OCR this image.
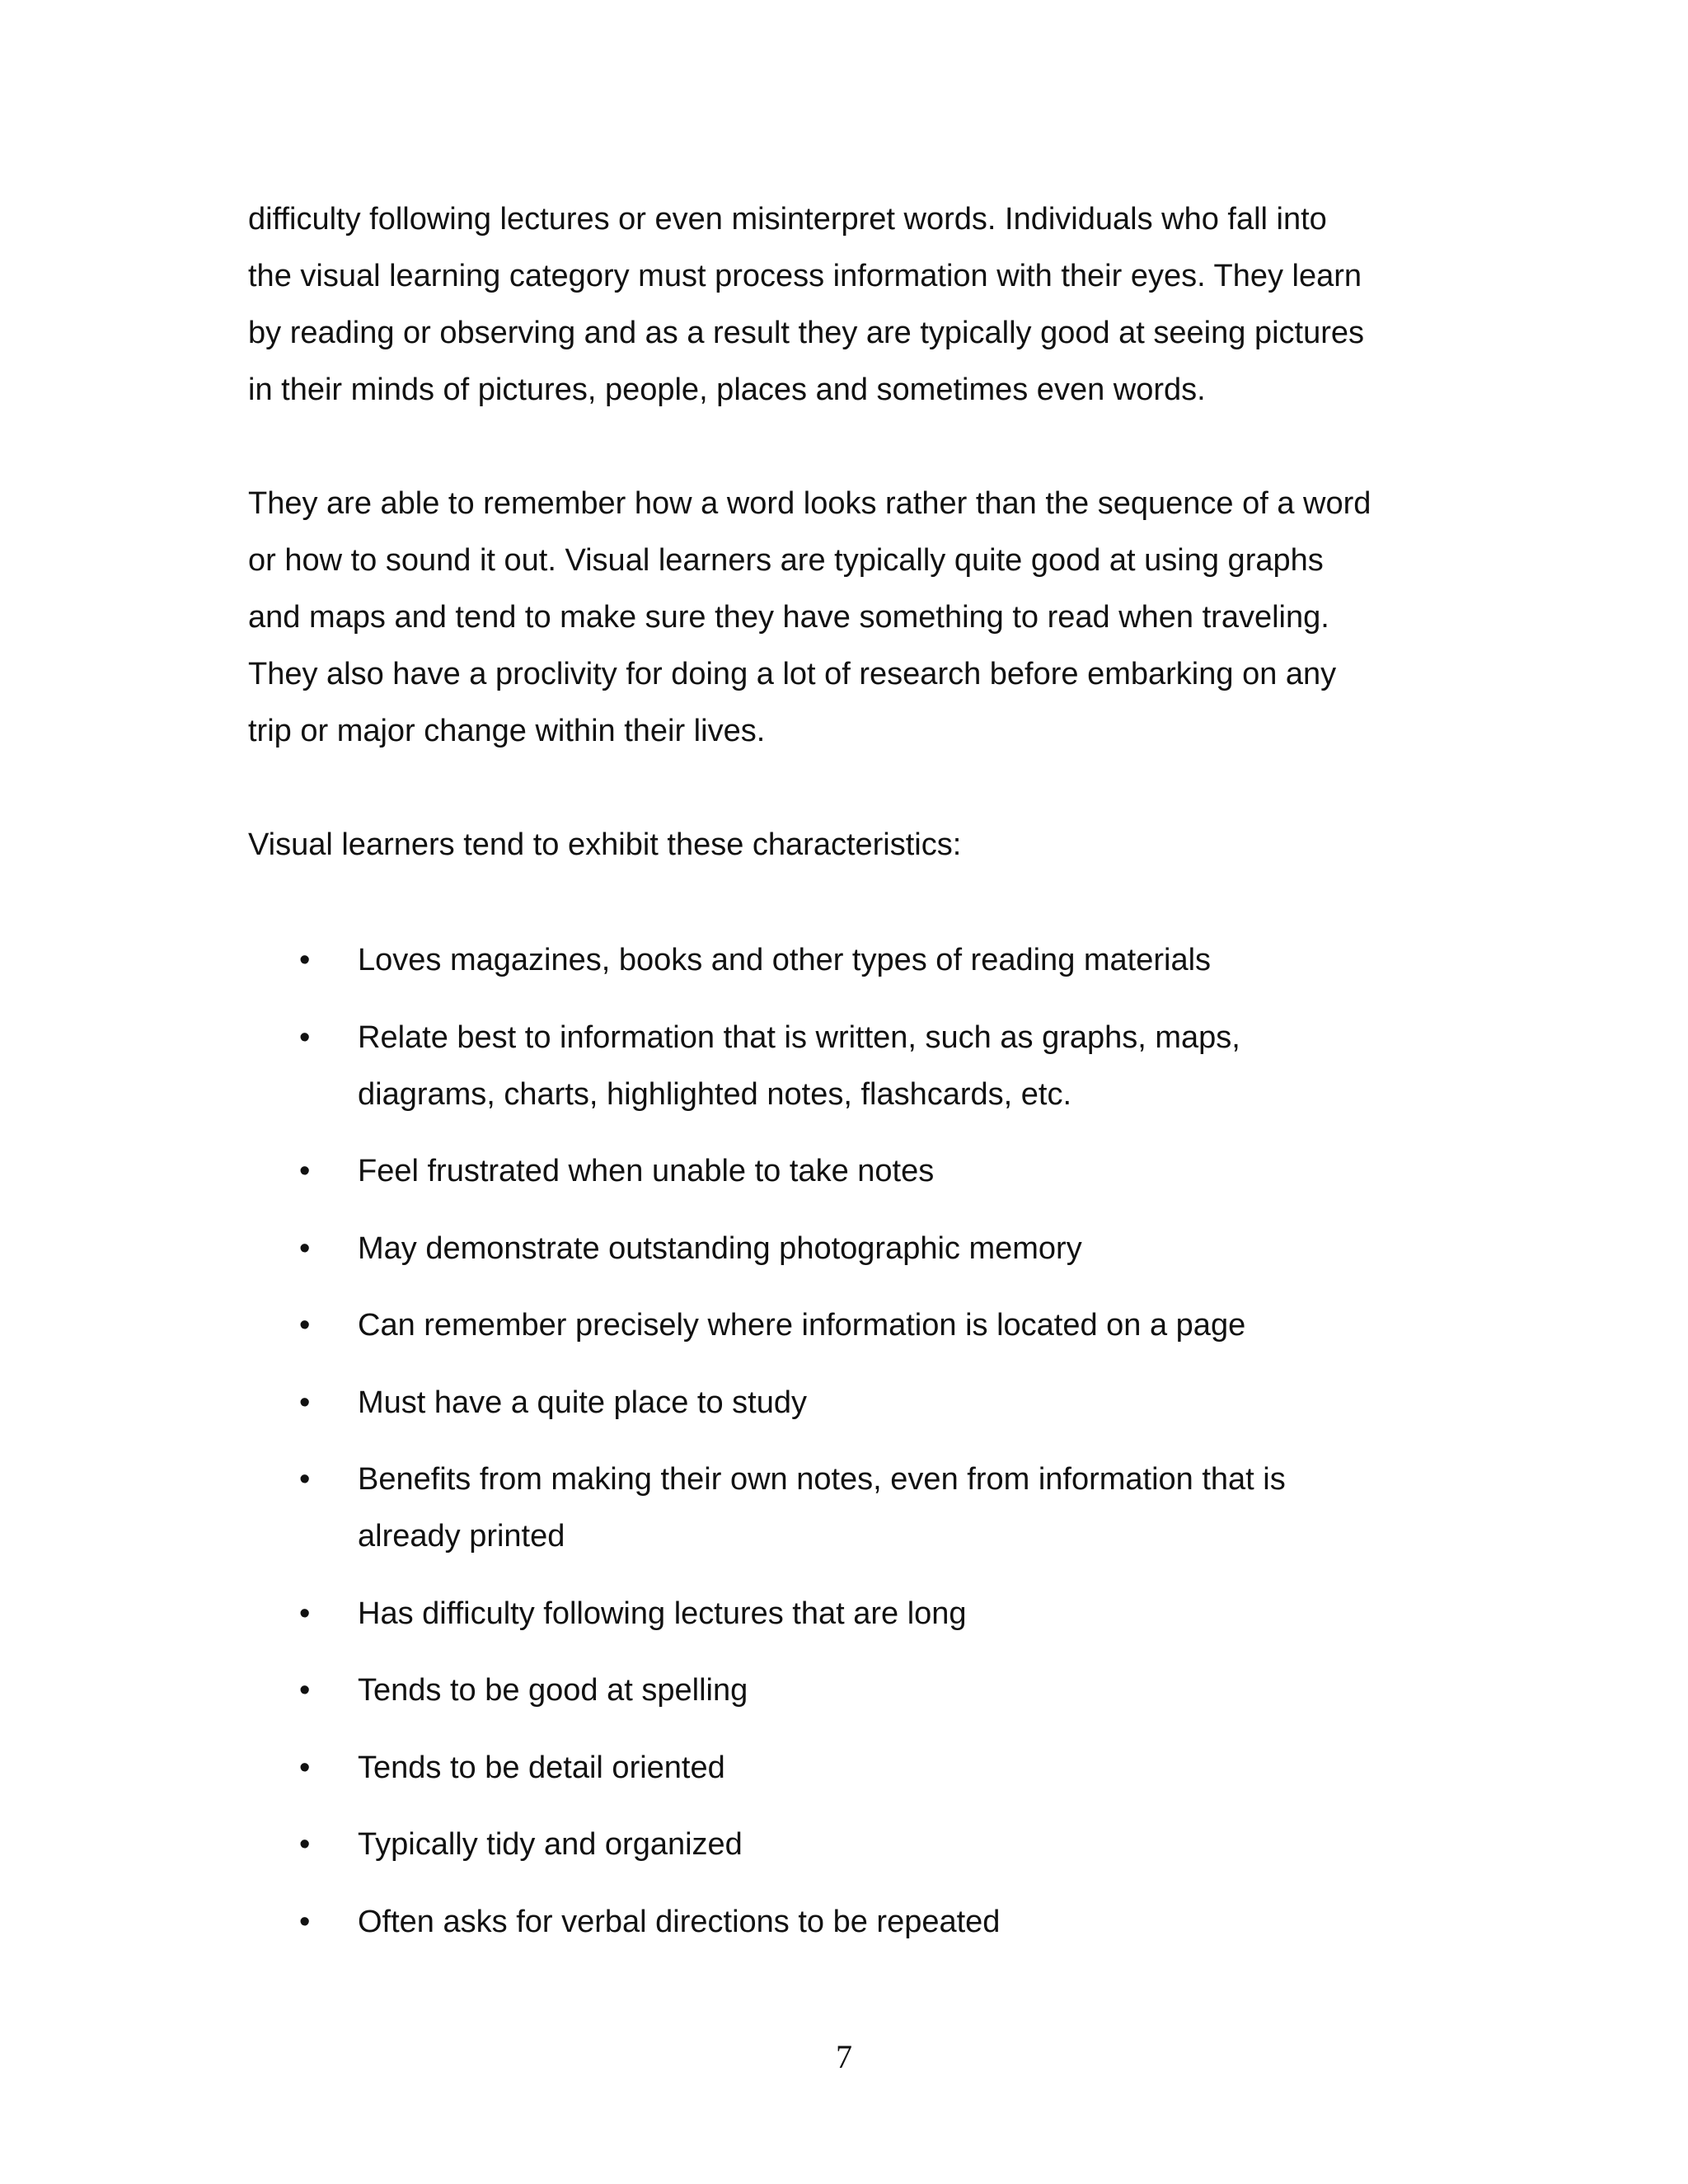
difficulty following lectures or even misinterpret words. Individuals who fall into
the visual learning category must process information with their eyes. They learn
by reading or observing and as a result they are typically good at seeing pictures
in their minds of pictures, people, places and sometimes even words.

They are able to remember how a word looks rather than the sequence of a word
or how to sound it out. Visual learners are typically quite good at using graphs
and maps and tend to make sure they have something to read when traveling.
They also have a proclivity for doing a lot of research before embarking on any
trip or major change within their lives.

Visual learners tend to exhibit these characteristics:

• Loves magazines, books and other types of reading materials
• Relate best to information that is written, such as graphs, maps,
diagrams, charts, highlighted notes, flashcards, etc.
• Feel frustrated when unable to take notes
• May demonstrate outstanding photographic memory
• Can remember precisely where information is located on a page
• Must have a quite place to study
• Benefits from making their own notes, even from information that is
already printed
• Has difficulty following lectures that are long
• Tends to be good at spelling
• Tends to be detail oriented
• Typically tidy and organized
• Often asks for verbal directions to be repeated
7
